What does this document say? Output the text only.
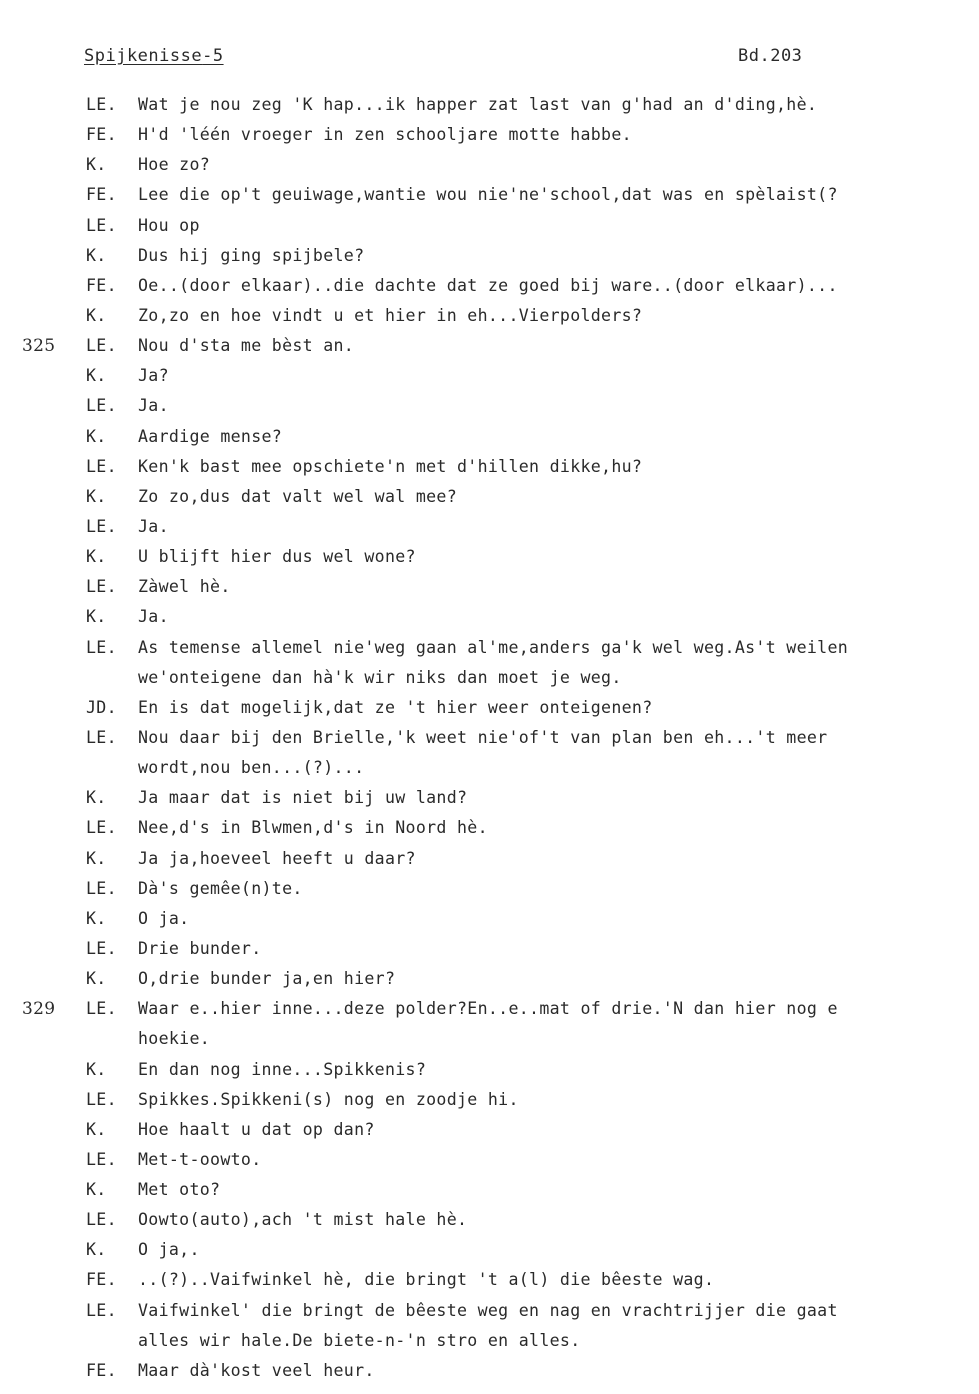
Spijkenisse-5	Bd.203
LE.	Wat je nou zeg 'K hap...ik happer zat last van g'had an d'ding,hè.
FE.	H'd 'léén vroeger in zen schooljare motte habbe.
K.	Hoe zo?
FE.	Lee die op't geuiwage,wantie wou nie'ne'school,dat was en spèlaist(?
LE.	Hou op
K.	Dus hij ging spijbele?
FE.	Oe..(door elkaar)..die dachte dat ze goed bij ware..(door elkaar)...
K.	Zo,zo en hoe vindt u et hier in eh...Vierpolders?
325	LE.	Nou d'sta me bèst an.
K.	Ja?
LE.	Ja.
K.	Aardige mense?
LE.	Ken'k bast mee opschiete'n met d'hillen dikke,hu?
K.	Zo zo,dus dat valt wel wal mee?
LE.	Ja.
K.	U blijft hier dus wel wone?
LE.	Zàwel hè.
K.	Ja.
LE.	As temense allemel nie'weg gaan al'me,anders ga'k wel weg.As't weilen
we'onteigene dan hà'k wir niks dan moet je weg.
JD.	En is dat mogelijk,dat ze 't hier weer onteigenen?
LE.	Nou daar bij den Brielle,'k weet nie'of't van plan ben eh...'t meer
wordt,nou ben...(?)...
K.	Ja maar dat is niet bij uw land?
LE.	Nee,d's in Blwmen,d's in Noord hè.
K.	Ja ja,hoeveel heeft u daar?
LE.	Dà's gemêe(n)te.
K.	O ja.
LE.	Drie bunder.
K.	O,drie bunder ja,en hier?
329	LE.	Waar e..hier inne...deze polder?En..e..mat of drie.'N dan hier nog e
hoekie.
K.	En dan nog inne...Spikkenis?
LE.	Spikkes.Spikkeni(s) nog en zoodje hi.
K.	Hoe haalt u dat op dan?
LE.	Met-t-oowto.
K.	Met oto?
LE.	Oowto(auto),ach 't mist hale hè.
K.	O ja,.
FE.	..(?)..Vaifwinkel hè, die bringt 't a(l) die bêeste wag.
LE.	Vaifwinkel' die bringt de bêeste weg en nag en vrachtrijjer die gaat
alles wir hale.De biete-n-'n stro en alles.
FE.	Maar dà'kost veel heur.
